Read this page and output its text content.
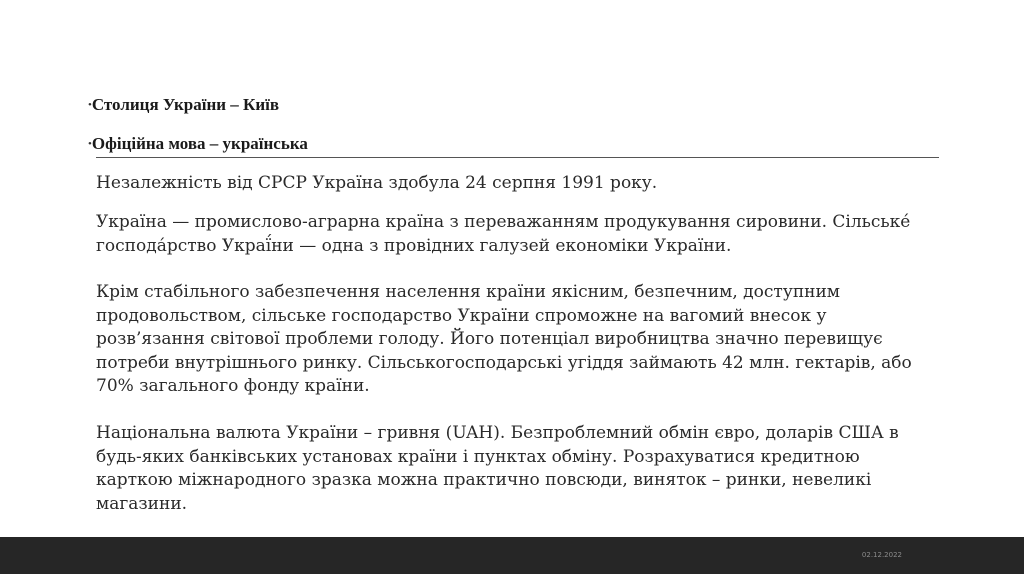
•Столиця України – Київ
•Офіційна мова – українська

Незалежність від СРСР Україна здобула 24 серпня 1991 року.

Україна — промислово-аграрна країна з переважанням продукування сировини. Сільське́ господа́рство Украї́ни — одна з провідних галузей економіки України.

Крім стабільного забезпечення населення країни якісним, безпечним, доступним продовольством, сільське господарство України спроможне на вагомий внесок у розв’язання світової проблеми голоду. Його потенціал виробництва значно перевищує потреби внутрішнього ринку. Сільськогосподарські угіддя займають 42 млн. гектарів, або 70% загального фонду країни.

Національна валюта України – гривня (UAH). Безпроблемний обмін євро, доларів США в будь-яких банківських установах країни і пунктах обміну. Розрахуватися кредитною карткою міжнародного зразка можна практично повсюди, виняток – ринки, невеликі магазини.

02.12.2022
